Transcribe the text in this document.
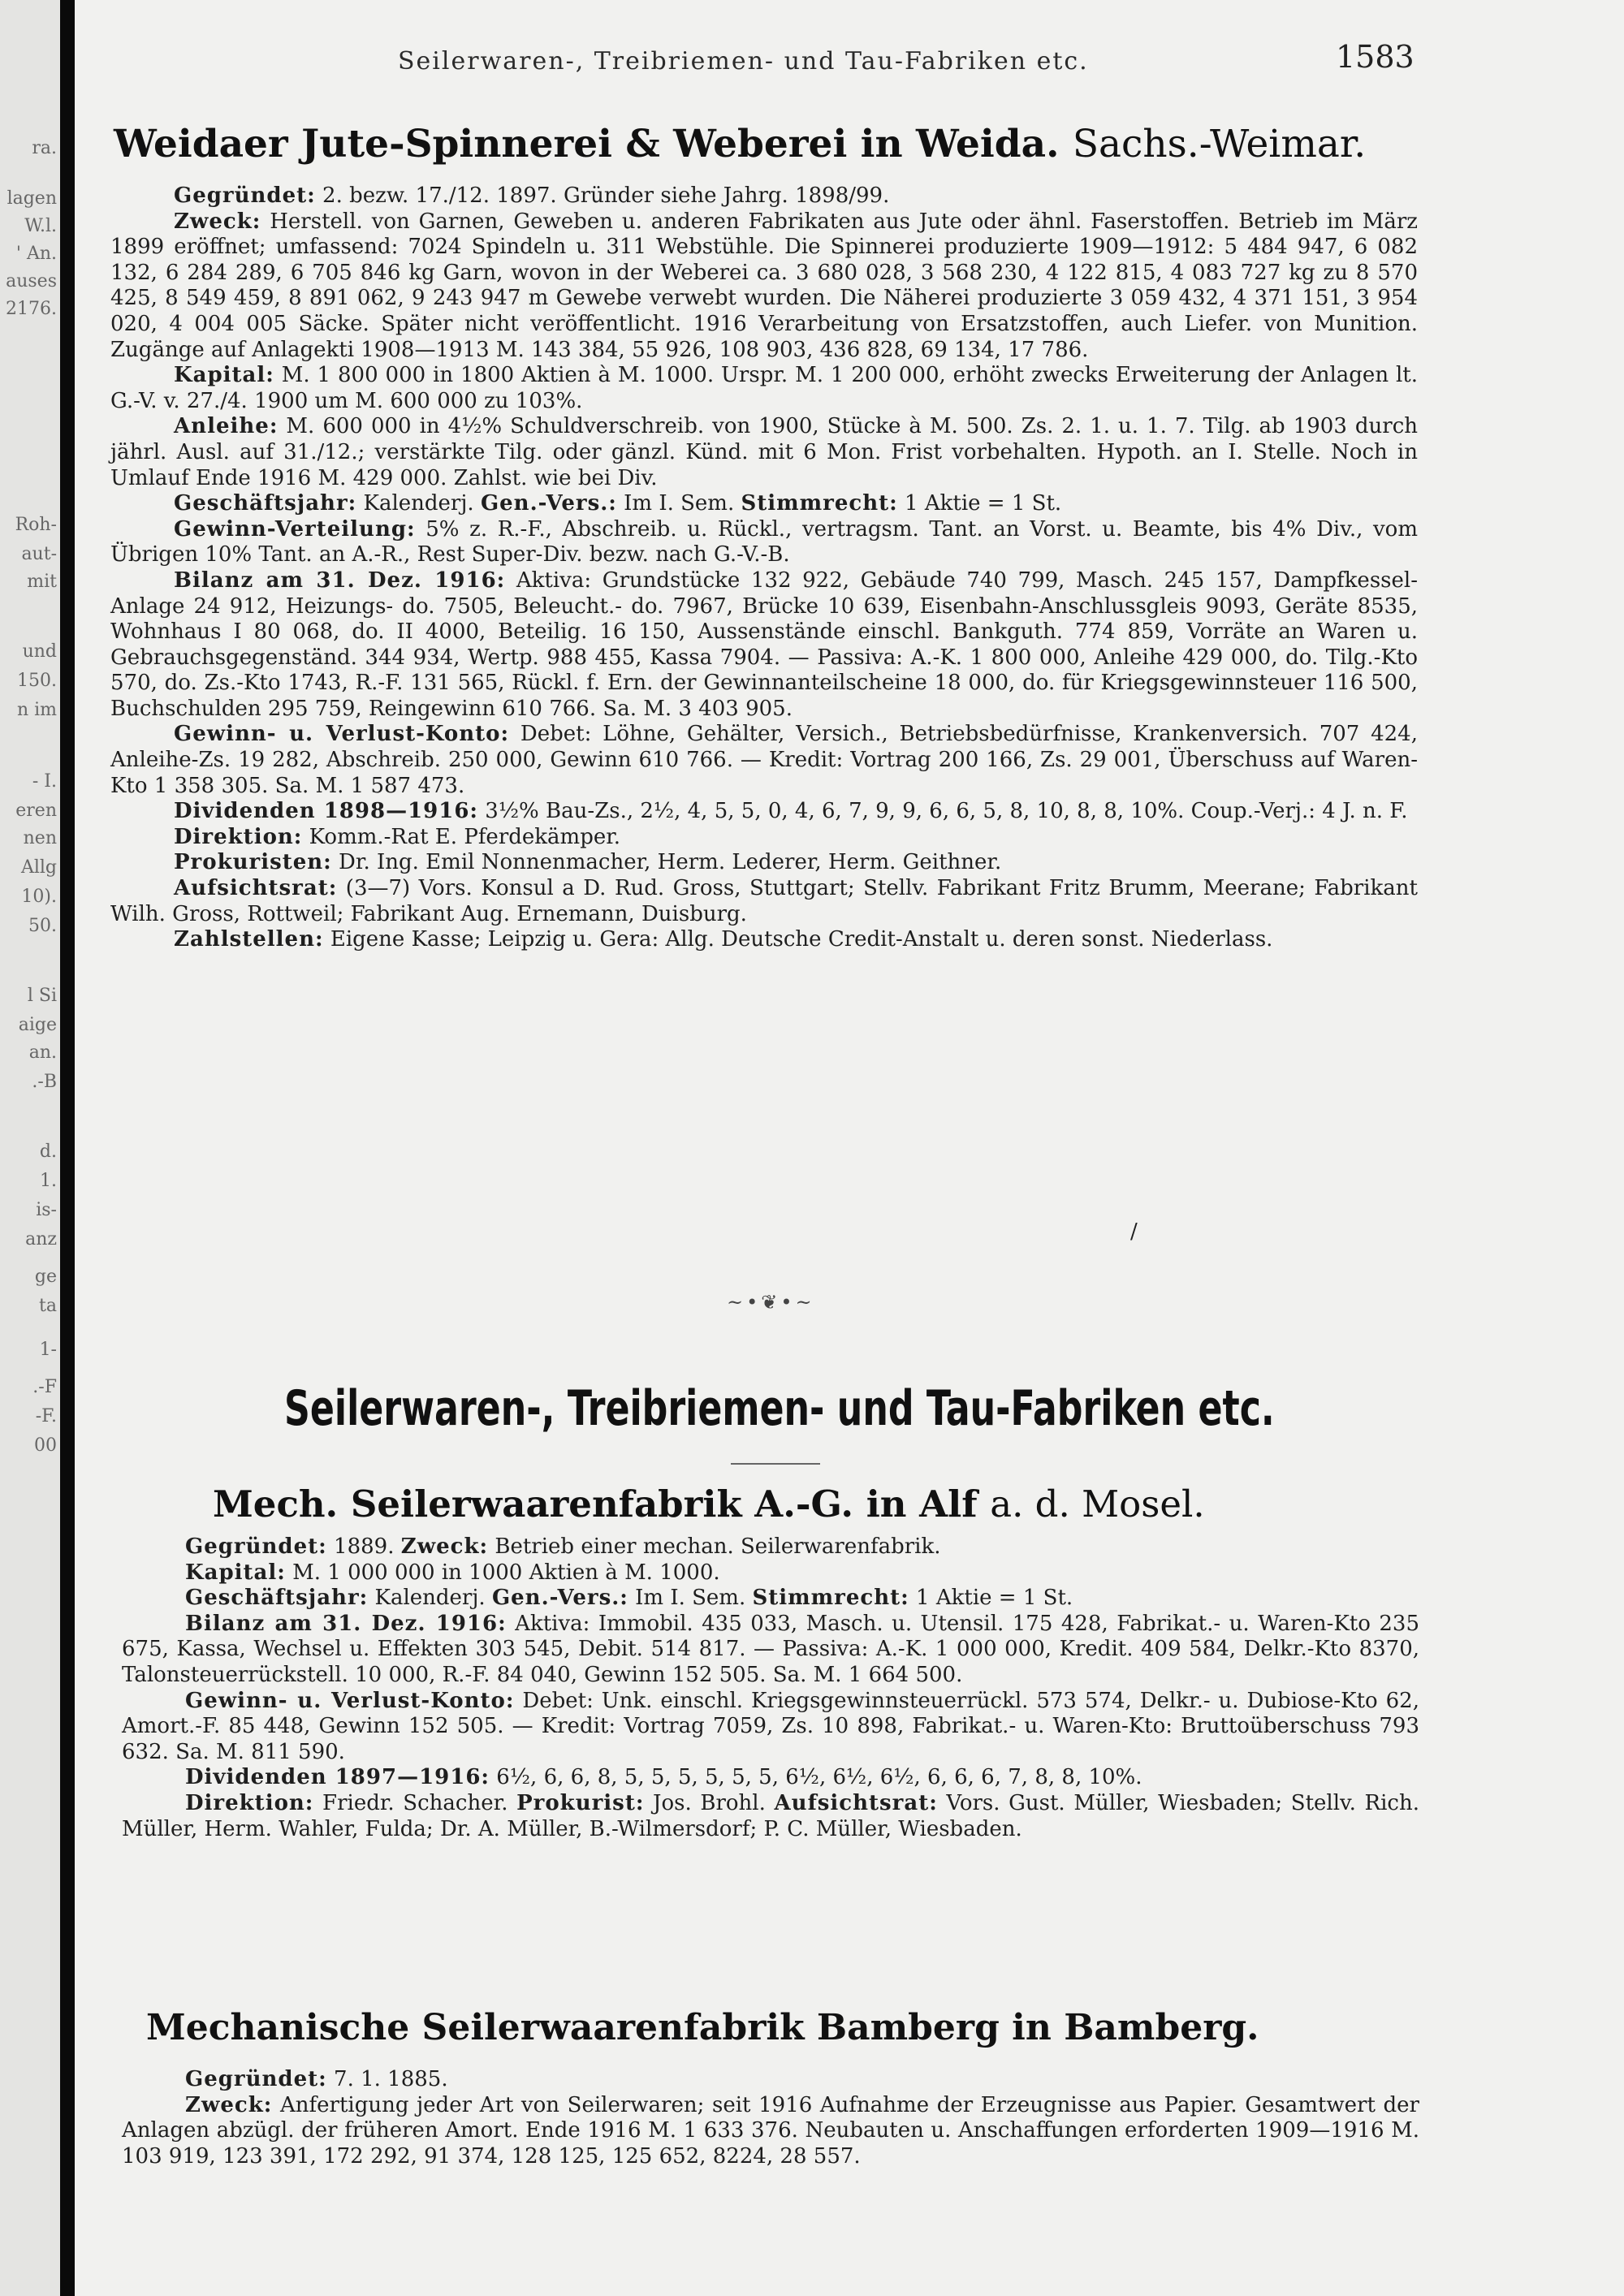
ra.
lagen
W.l.
' An.
auses
2176.
Roh-
aut-
mit
und
150.
n im
- I.
eren
nen
Allg
10).
50.
l Si
aige
an.
.-B
d.
1.
is-
anz
ge
ta
1-
.-F
-F.
00
Seilerwaren-, Treibriemen- und Tau-Fabriken etc.	1583
Weidaer Jute-Spinnerei & Weberei in Weida. Sachs.-Weimar.

Gegründet: 2. bezw. 17./12. 1897. Gründer siehe Jahrg. 1898/99.

Zweck: Herstell. von Garnen, Geweben u. anderen Fabrikaten aus Jute oder ähnl. Faserstoffen. Betrieb im März 1899 eröffnet; umfassend: 7024 Spindeln u. 311 Webstühle. Die Spinnerei produzierte 1909—1912: 5 484 947, 6 082 132, 6 284 289, 6 705 846 kg Garn, wovon in der Weberei ca. 3 680 028, 3 568 230, 4 122 815, 4 083 727 kg zu 8 570 425, 8 549 459, 8 891 062, 9 243 947 m Gewebe verwebt wurden. Die Näherei produzierte 3 059 432, 4 371 151, 3 954 020, 4 004 005 Säcke. Später nicht veröffentlicht. 1916 Verarbeitung von Ersatzstoffen, auch Liefer. von Munition. Zugänge auf Anlagekti 1908—1913 M. 143 384, 55 926, 108 903, 436 828, 69 134, 17 786.

Kapital: M. 1 800 000 in 1800 Aktien à M. 1000. Urspr. M. 1 200 000, erhöht zwecks Erweiterung der Anlagen lt. G.-V. v. 27./4. 1900 um M. 600 000 zu 103%.

Anleihe: M. 600 000 in 4½% Schuldverschreib. von 1900, Stücke à M. 500. Zs. 2. 1. u. 1. 7. Tilg. ab 1903 durch jährl. Ausl. auf 31./12.; verstärkte Tilg. oder gänzl. Künd. mit 6 Mon. Frist vorbehalten. Hypoth. an I. Stelle. Noch in Umlauf Ende 1916 M. 429 000. Zahlst. wie bei Div.

Geschäftsjahr: Kalenderj. Gen.-Vers.: Im I. Sem. Stimmrecht: 1 Aktie = 1 St.

Gewinn-Verteilung: 5% z. R.-F., Abschreib. u. Rückl., vertragsm. Tant. an Vorst. u. Beamte, bis 4% Div., vom Übrigen 10% Tant. an A.-R., Rest Super-Div. bezw. nach G.-V.-B.

Bilanz am 31. Dez. 1916: Aktiva: Grundstücke 132 922, Gebäude 740 799, Masch. 245 157, Dampfkessel-Anlage 24 912, Heizungs- do. 7505, Beleucht.- do. 7967, Brücke 10 639, Eisenbahn-Anschlussgleis 9093, Geräte 8535, Wohnhaus I 80 068, do. II 4000, Beteilig. 16 150, Aussenstände einschl. Bankguth. 774 859, Vorräte an Waren u. Gebrauchsgegenständ. 344 934, Wertp. 988 455, Kassa 7904. — Passiva: A.-K. 1 800 000, Anleihe 429 000, do. Tilg.-Kto 570, do. Zs.-Kto 1743, R.-F. 131 565, Rückl. f. Ern. der Gewinnanteilscheine 18 000, do. für Kriegsgewinnsteuer 116 500, Buchschulden 295 759, Reingewinn 610 766. Sa. M. 3 403 905.

Gewinn- u. Verlust-Konto: Debet: Löhne, Gehälter, Versich., Betriebsbedürfnisse, Krankenversich. 707 424, Anleihe-Zs. 19 282, Abschreib. 250 000, Gewinn 610 766. — Kredit: Vortrag 200 166, Zs. 29 001, Überschuss auf Waren-Kto 1 358 305. Sa. M. 1 587 473.

Dividenden 1898—1916: 3½% Bau-Zs., 2½, 4, 5, 5, 0, 4, 6, 7, 9, 9, 6, 6, 5, 8, 10, 8, 8, 10%. Coup.-Verj.: 4 J. n. F.

Direktion: Komm.-Rat E. Pferdekämper.

Prokuristen: Dr. Ing. Emil Nonnenmacher, Herm. Lederer, Herm. Geithner.

Aufsichtsrat: (3—7) Vors. Konsul a D. Rud. Gross, Stuttgart; Stellv. Fabrikant Fritz Brumm, Meerane; Fabrikant Wilh. Gross, Rottweil; Fabrikant Aug. Ernemann, Duisburg.

Zahlstellen: Eigene Kasse; Leipzig u. Gera: Allg. Deutsche Credit-Anstalt u. deren sonst. Niederlass.

/
~•❦•~
Seilerwaren-, Treibriemen- und Tau-Fabriken etc.
Mech. Seilerwaarenfabrik A.-G. in Alf a. d. Mosel.

Gegründet: 1889. Zweck: Betrieb einer mechan. Seilerwarenfabrik.

Kapital: M. 1 000 000 in 1000 Aktien à M. 1000.

Geschäftsjahr: Kalenderj. Gen.-Vers.: Im I. Sem. Stimmrecht: 1 Aktie = 1 St.

Bilanz am 31. Dez. 1916: Aktiva: Immobil. 435 033, Masch. u. Utensil. 175 428, Fabrikat.- u. Waren-Kto 235 675, Kassa, Wechsel u. Effekten 303 545, Debit. 514 817. — Passiva: A.-K. 1 000 000, Kredit. 409 584, Delkr.-Kto 8370, Talonsteuerrückstell. 10 000, R.-F. 84 040, Gewinn 152 505. Sa. M. 1 664 500.

Gewinn- u. Verlust-Konto: Debet: Unk. einschl. Kriegsgewinnsteuerrückl. 573 574, Delkr.- u. Dubiose-Kto 62, Amort.-F. 85 448, Gewinn 152 505. — Kredit: Vortrag 7059, Zs. 10 898, Fabrikat.- u. Waren-Kto: Bruttoüberschuss 793 632. Sa. M. 811 590.

Dividenden 1897—1916: 6½, 6, 6, 8, 5, 5, 5, 5, 5, 5, 6½, 6½, 6½, 6, 6, 6, 7, 8, 8, 10%.

Direktion: Friedr. Schacher. Prokurist: Jos. Brohl. Aufsichtsrat: Vors. Gust. Müller, Wiesbaden; Stellv. Rich. Müller, Herm. Wahler, Fulda; Dr. A. Müller, B.-Wilmersdorf; P. C. Müller, Wiesbaden.

Mechanische Seilerwaarenfabrik Bamberg in Bamberg.

Gegründet: 7. 1. 1885.

Zweck: Anfertigung jeder Art von Seilerwaren; seit 1916 Aufnahme der Erzeugnisse aus Papier. Gesamtwert der Anlagen abzügl. der früheren Amort. Ende 1916 M. 1 633 376. Neubauten u. Anschaffungen erforderten 1909—1916 M. 103 919, 123 391, 172 292, 91 374, 128 125, 125 652, 8224, 28 557.
